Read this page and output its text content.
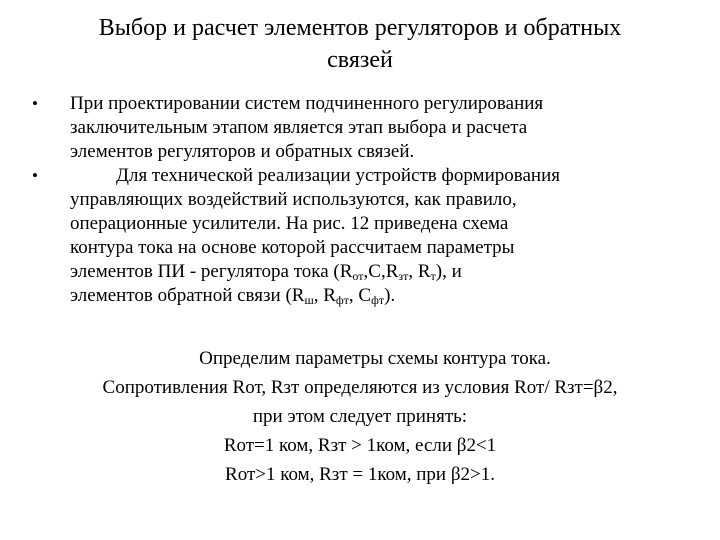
Выбор и расчет элементов регуляторов и обратных
связей
• При проектировании систем подчиненного регулирования
заключительным этапом является этап выбора и расчета
элементов регуляторов и обратных связей.
•	Для технической реализации устройств формирования
управляющих воздействий используются, как правило,
операционные усилители. На рис. 12 приведена схема
контура тока на основе которой рассчитаем параметры
элементов ПИ - регулятора тока ($R_{от},С,R_{зт}$, $R_т$), и
элементов обратной связи ($R_ш$, $R_{фт}$, $С_{фт}$).
Определим параметры схемы контура тока.
Сопротивления Rот, Rзт определяются из условия Rот/ Rзт=β2,
при этом следует принять:
Rот=1 ком, Rзт > 1ком, если β2<1
Rот>1 ком, Rзт = 1ком, при β2>1.
